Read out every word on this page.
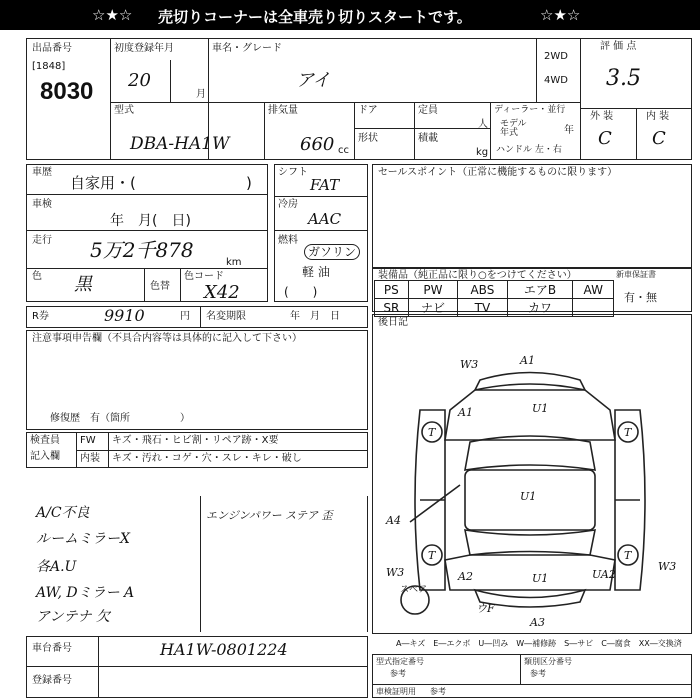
☆★☆ 売切りコーナーは全車売り切りスタートです。	☆★☆
出品番号
[1848]
8030
初度登録年月
20
月
車名・グレード
アイ
2WD
4WD
評 価 点
3.5
外 装	内 装
C C
型式
DBA-HA1W
排気量
660 cc
ドア	定員
人
形状	積載
kg
ディーラー・並行
モデル
年式	年
ハンドル 左・右
車歴
自家用・(	)
車検
年　月(　日)
走行 5万2千878
km
色 黒	色替
色コード
X42
シフト
FAT
冷房
AAC
燃料
ガソリン
軽 油
(　　)
セールスポイント（正常に機能するものに限ります）
装備品（純正品に限り○をつけてください）	新車保証書
有・無
PS	PW	ABS	エアB	AW
SR	ナビ	TV	カワ	
R券	9910	円 名変期限	年　月　日
注意事項申告欄（不具合内容等は具体的に記入して下さい）
修復歴　有（箇所　　　　　）
後日記
A1
W3
A1	U1
T	T
U1
A4
T	T
W3	A2	U1	UA2
W3
ウF
A3
スペア
検査員
記入欄
FW キズ・飛石・ヒビ割・リペア跡・X要
内装 キズ・汚れ・コゲ・穴・スレ・キレ・破し
A/C不良
ルームミラーX
各A.U
AW, Dミラー A
アンテナ 欠
エンジンパワー ステア 歪
車台番号	HA1W-0801224
登録番号
A―キズ　E―エクボ　U―凹み　W―補修跡　S―サビ　C―腐食　XX―交換済
型式指定番号
参考
類別区分番号
参考
車検証明用 参考
